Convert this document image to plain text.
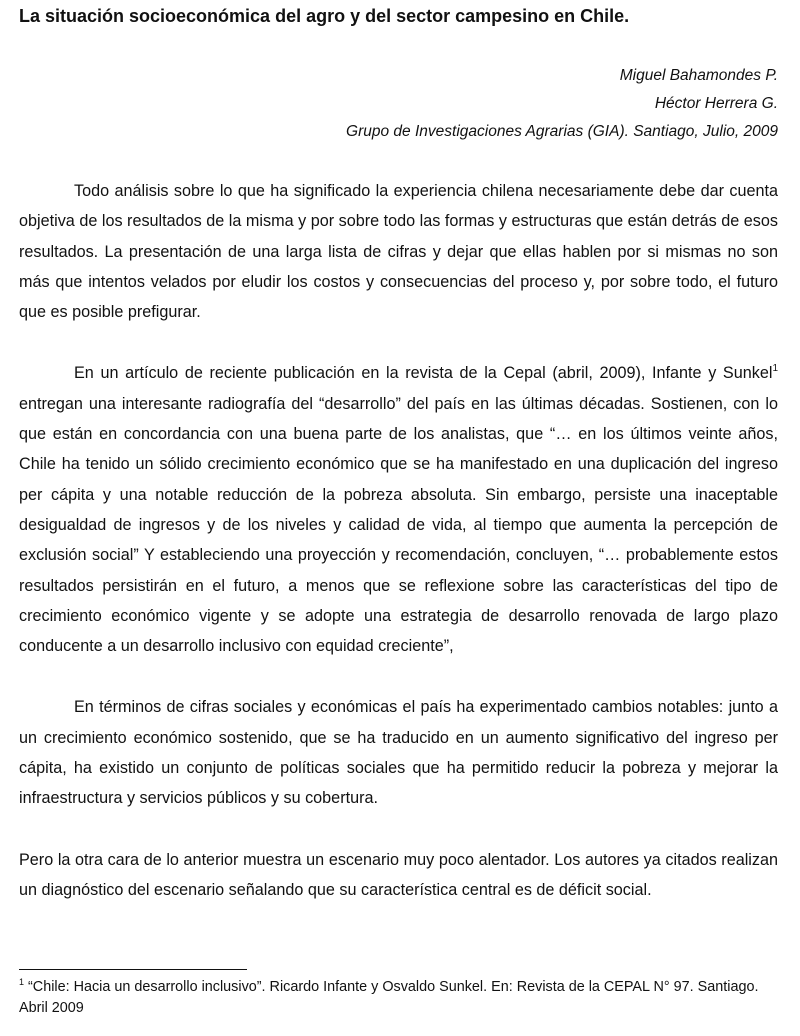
La situación socioeconómica del agro y del sector campesino en Chile.
Miguel Bahamondes P.
Héctor Herrera G.
Grupo de Investigaciones Agrarias (GIA). Santiago, Julio, 2009

Todo análisis sobre lo que ha significado la experiencia chilena necesariamente debe dar cuenta objetiva de los resultados de la misma y por sobre todo las formas y estructuras que están detrás de esos resultados. La presentación de una larga lista de cifras y dejar que ellas hablen por si mismas no son más que intentos velados por eludir los costos y consecuencias del proceso y, por sobre todo, el futuro que es posible prefigurar.

En un artículo de reciente publicación en la revista de la Cepal (abril, 2009), Infante y Sunkel$^1$ entregan una interesante radiografía del “desarrollo” del país en las últimas décadas. Sostienen, con lo que están en concordancia con una buena parte de los analistas, que “… en los últimos veinte años, Chile ha tenido un sólido crecimiento económico que se ha manifestado en una duplicación del ingreso per cápita y una notable reducción de la pobreza absoluta. Sin embargo, persiste una inaceptable desigualdad de ingresos y de los niveles y calidad de vida, al tiempo que aumenta la percepción de exclusión social” Y estableciendo una proyección y recomendación, concluyen, “… probablemente estos resultados persistirán en el futuro, a menos que se reflexione sobre las características del tipo de crecimiento económico vigente y se adopte una estrategia de desarrollo renovada de largo plazo conducente a un desarrollo inclusivo con equidad creciente”,

En términos de cifras sociales y económicas el país ha experimentado cambios notables: junto a un crecimiento económico sostenido, que se ha traducido en un aumento significativo del ingreso per cápita, ha existido un conjunto de políticas sociales que ha permitido reducir la pobreza y mejorar la infraestructura y servicios públicos y su cobertura.

Pero la otra cara de lo anterior muestra un escenario muy poco alentador. Los autores ya citados realizan un diagnóstico del escenario señalando que su característica central es de déficit social.

$^1$ “Chile: Hacia un desarrollo inclusivo”. Ricardo Infante y Osvaldo Sunkel. En: Revista de la CEPAL N° 97. Santiago. Abril 2009
